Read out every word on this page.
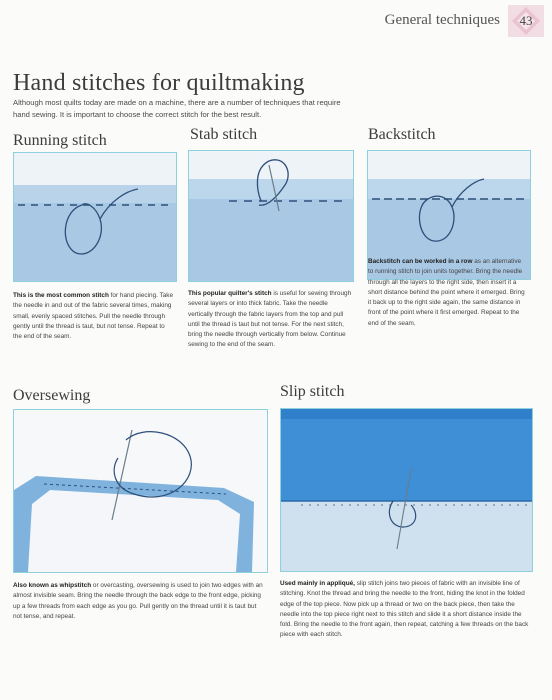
General techniques 43
Hand stitches for quiltmaking
Although most quilts today are made on a machine, there are a number of techniques that require hand sewing. It is important to choose the correct stitch for the best result.
Running stitch
This is the most common stitch for hand piecing. Take the needle in and out of the fabric several times, making small, evenly spaced stitches. Pull the needle through gently until the thread is taut, but not tense. Repeat to the end of the seam.
Stab stitch
This popular quilter's stitch is useful for sewing through several layers or into thick fabric. Take the needle vertically through the fabric layers from the top and pull until the thread is taut but not tense. For the next stitch, bring the needle through vertically from below. Continue sewing to the end of the seam.
Backstitch
Backstitch can be worked in a row as an alternative to running stitch to join units together. Bring the needle through all the layers to the right side, then insert it a short distance behind the point where it emerged. Bring it back up to the right side again, the same distance in front of the point where it first emerged. Repeat to the end of the seam.
Oversewing
Also known as whipstitch or overcasting, oversewing is used to join two edges with an almost invisible seam. Bring the needle through the back edge to the front edge, picking up a few threads from each edge as you go. Pull gently on the thread until it is taut but not tense, and repeat.
Slip stitch
Used mainly in appliqué, slip stitch joins two pieces of fabric with an invisible line of stitching. Knot the thread and bring the needle to the front, hiding the knot in the folded edge of the top piece. Now pick up a thread or two on the back piece, then take the needle into the top piece right next to this stitch and slide it a short distance inside the fold. Bring the needle to the front again, then repeat, catching a few threads on the back piece with each stitch.
